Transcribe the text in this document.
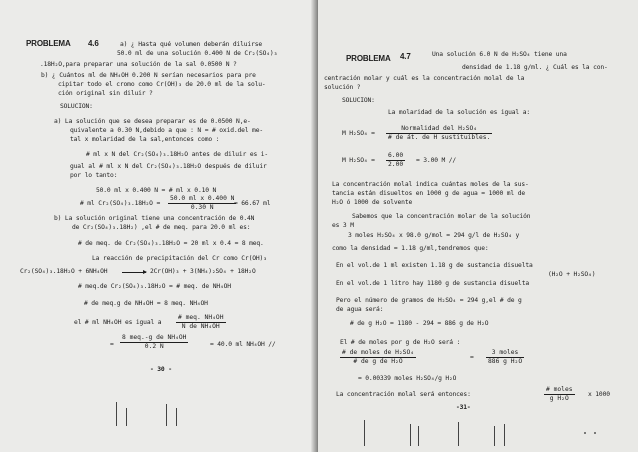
PROBLEMA 4.6	a) ¿ Hasta qué volumen deberán diluirse
50.0 ml de una solución 0.400 N de Cr₂(SO₄)₃
.18H₂O,para preparar una solución de la sal 0.0500 N ?
b) ¿ Cuántos ml de NH₄OH 0.200 N serían necesarios para pre
cipitar todo el cromo como Cr(OH)₃ de 20.0 ml de la solu-
ción original sin diluir ?
SOLUCION:
a) La solución que se desea preparar es de 0.0500 N,e-
quivalente a 0.30 N,debido a que : N = # oxid.del me-
tal x molaridad de la sal,entonces como :
# ml x N del Cr₂(SO₄)₃.18H₂O antes de diluir es i-
gual al # ml x N del Cr₂(SO₄)₃.18H₂O después de diluir
por lo tanto:
50.0 ml x 0.400 N = # ml x 0.10 N
# ml $Cr_2(SO_4)_3.18H_2O = \frac{\text{50.0 ml x 0.400 N}}{0.30 N}$
= 66.67 ml
b) La solución original tiene una concentración de 0.4N
de Cr₂(SO₄)₃.18H₂) ,el # de meq. para 20.0 ml es:
# de meq. de Cr₂(SO₄)₃.18H₂O = 20 ml x 0.4 = 8 meq.
La reacción de precipitación del Cr como Cr(OH)₃
Cr₂(SO₄)₃.18H₂O + 6NH₄OH → 2Cr(OH)₃ + 3(NH₄)₂SO₄ + 18H₂O
# meq.de Cr₂(SO₄)₃.18H₂O = # meq. de NH₄OH
# de meq.g de NH₄OH = 8 meq. NH₄OH
el # ml NH₄OH es igual a
# meq. NH₄OH
N de NH₄OH
=
8 meq.-g de NH₄OH
0.2 N	= 40.0 ml NH₄OH //
- 30 -
PROBLEMA 4.7	Una solución 6.0 N de H₂SO₄ tiene una
densidad de 1.18 g/ml. ¿ Cuál es la con-
centración molar y cuál es la concentración molal de la
solución ?
SOLUCION:
La molaridad de la solución es igual a:
M H₂SO₄ =
Normalidad del H₂SO₄
# de át. de H sustituibles.
M $H_2SO_4 = \frac{6.00}{2.00} = 3.00$ M //
La concentración molal indica cuántas moles de la sus-
tancia están disueltos en 1000 g de agua = 1000 ml de
H₂O ó 1000 de solvente
Sabemos que la concentración molar de la solución
es 3 M
3 moles H₂SO₄ x 98.0 g/mol = 294 g/l de H₂SO₄ y
como la densidad = 1.18 g/ml,tendremos que:
En el vol.de 1 ml existen 1.18 g de sustancia disuelta
(H₂O + H₂SO₄)
En el vol.de 1 litro hay 1180 g de sustancia disuelta
Pero el número de gramos de H₂SO₄ = 294 g,el # de g
de agua será:
# de g H₂O = 1180 - 294 = 886 g de H₂O
El # de moles por g de H₂O será :
# de moles de H₂SO₄
# de g de H₂O
=
3 moles
886 g H₂O
= 0.00339 moles H₂SO₄/g H₂O
La concentración molal será entonces:
# moles
g H₂O
x 1000
-31-
